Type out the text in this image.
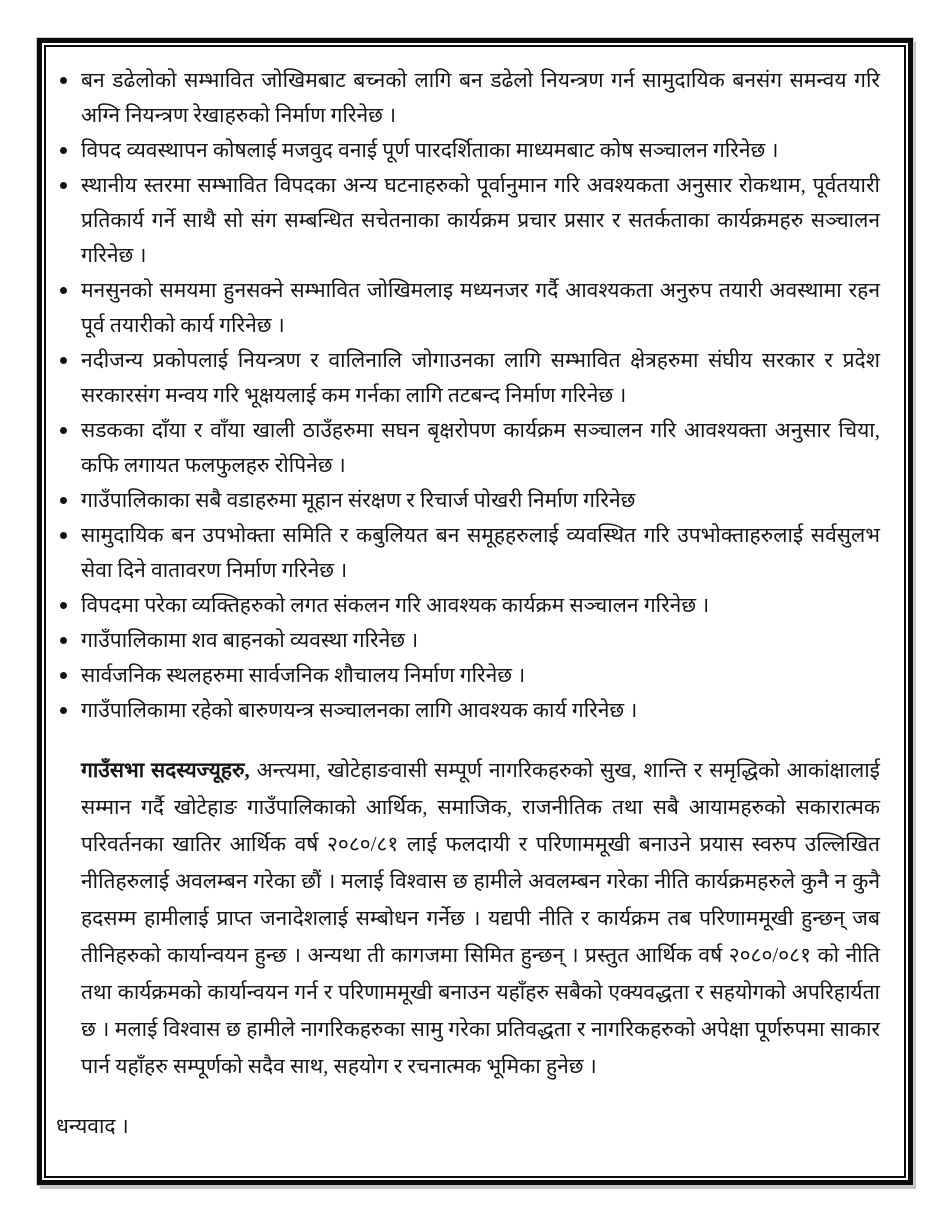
बन डढेलोको सम्भावित जोखिमबाट बच्नको लागि बन डढेलो नियन्त्रण गर्न सामुदायिक बनसंग समन्वय गरि अग्नि नियन्त्रण रेखाहरुको निर्माण गरिनेछ ।
विपद व्यवस्थापन कोषलाई मजवुद वनाई पूर्ण पारदर्शिताका माध्यमबाट कोष सञ्चालन गरिनेछ ।
स्थानीय स्तरमा सम्भावित विपदका अन्य घटनाहरुको पूर्वानुमान गरि अवश्यकता अनुसार रोकथाम, पूर्वतयारी प्रतिकार्य गर्ने साथै सो संग सम्बन्धित सचेतनाका कार्यक्रम प्रचार प्रसार र सतर्कताका कार्यक्रमहरु सञ्चालन गरिनेछ ।
मनसुनको समयमा हुनसक्ने सम्भावित जोखिमलाइ मध्यनजर गर्दै आवश्यकता अनुरुप तयारी अवस्थामा रहन पूर्व तयारीको कार्य गरिनेछ ।
नदीजन्य प्रकोपलाई नियन्त्रण र वालिनालि जोगाउनका लागि सम्भावित क्षेत्रहरुमा संघीय सरकार र प्रदेश सरकारसंग मन्वय गरि भूक्षयलाई कम गर्नका लागि तटबन्द निर्माण गरिनेछ ।
सडकका दाँया र वाँया खाली ठाउँहरुमा सघन बृक्षरोपण कार्यक्रम सञ्चालन गरि आवश्यक्ता अनुसार चिया, कफि लगायत फलफुलहरु रोपिनेछ ।
गाउँपालिकाका सबै वडाहरुमा मूहान संरक्षण र रिचार्ज पोखरी निर्माण गरिनेछ
सामुदायिक बन उपभोक्ता समिति र कबुलियत बन समूहहरुलाई व्यवस्थित गरि उपभोक्ताहरुलाई सर्वसुलभ सेवा दिने वातावरण निर्माण गरिनेछ ।
विपदमा परेका व्यक्तिहरुको लगत संकलन गरि आवश्यक कार्यक्रम सञ्चालन गरिनेछ ।
गाउँपालिकामा शव बाहनको व्यवस्था गरिनेछ ।
सार्वजनिक स्थलहरुमा सार्वजनिक शौचालय निर्माण गरिनेछ ।
गाउँपालिकामा रहेको बारुणयन्त्र सञ्चालनका लागि आवश्यक कार्य गरिनेछ ।

गाउँसभा सदस्यज्यूहरु, अन्त्यमा, खोटेहाङवासी सम्पूर्ण नागरिकहरुको सुख, शान्ति र समृद्धिको आकांक्षालाई सम्मान गर्दै खोटेहाङ गाउँपालिकाको आर्थिक, समाजिक, राजनीतिक तथा सबै आयामहरुको सकारात्मक परिवर्तनका खातिर आर्थिक वर्ष २०८०/८१ लाई फलदायी र परिणाममूखी बनाउने प्रयास स्वरुप उल्लिखित नीतिहरुलाई अवलम्बन गरेका छौं । मलाई विश्वास छ हामीले अवलम्बन गरेका नीति कार्यक्रमहरुले कुनै न कुनै हदसम्म हामीलाई प्राप्त जनादेशलाई सम्बोधन गर्नेछ । यद्यपी नीति र कार्यक्रम तब परिणाममूखी हुन्छन् जब तीनिहरुको कार्यान्वयन हुन्छ । अन्यथा ती कागजमा सिमित हुन्छन् । प्रस्तुत आर्थिक वर्ष २०८०/०८१ को नीति तथा कार्यक्रमको कार्यान्वयन गर्न र परिणाममूखी बनाउन यहाँहरु सबैको एक्यवद्धता र सहयोगको अपरिहार्यता छ । मलाई विश्वास छ हामीले नागरिकहरुका सामु गरेका प्रतिवद्धता र नागरिकहरुको अपेक्षा पूर्णरुपमा साकार पार्न यहाँहरु सम्पूर्णको सदैव साथ, सहयोग र रचनात्मक भूमिका हुनेछ ।

धन्यवाद ।
